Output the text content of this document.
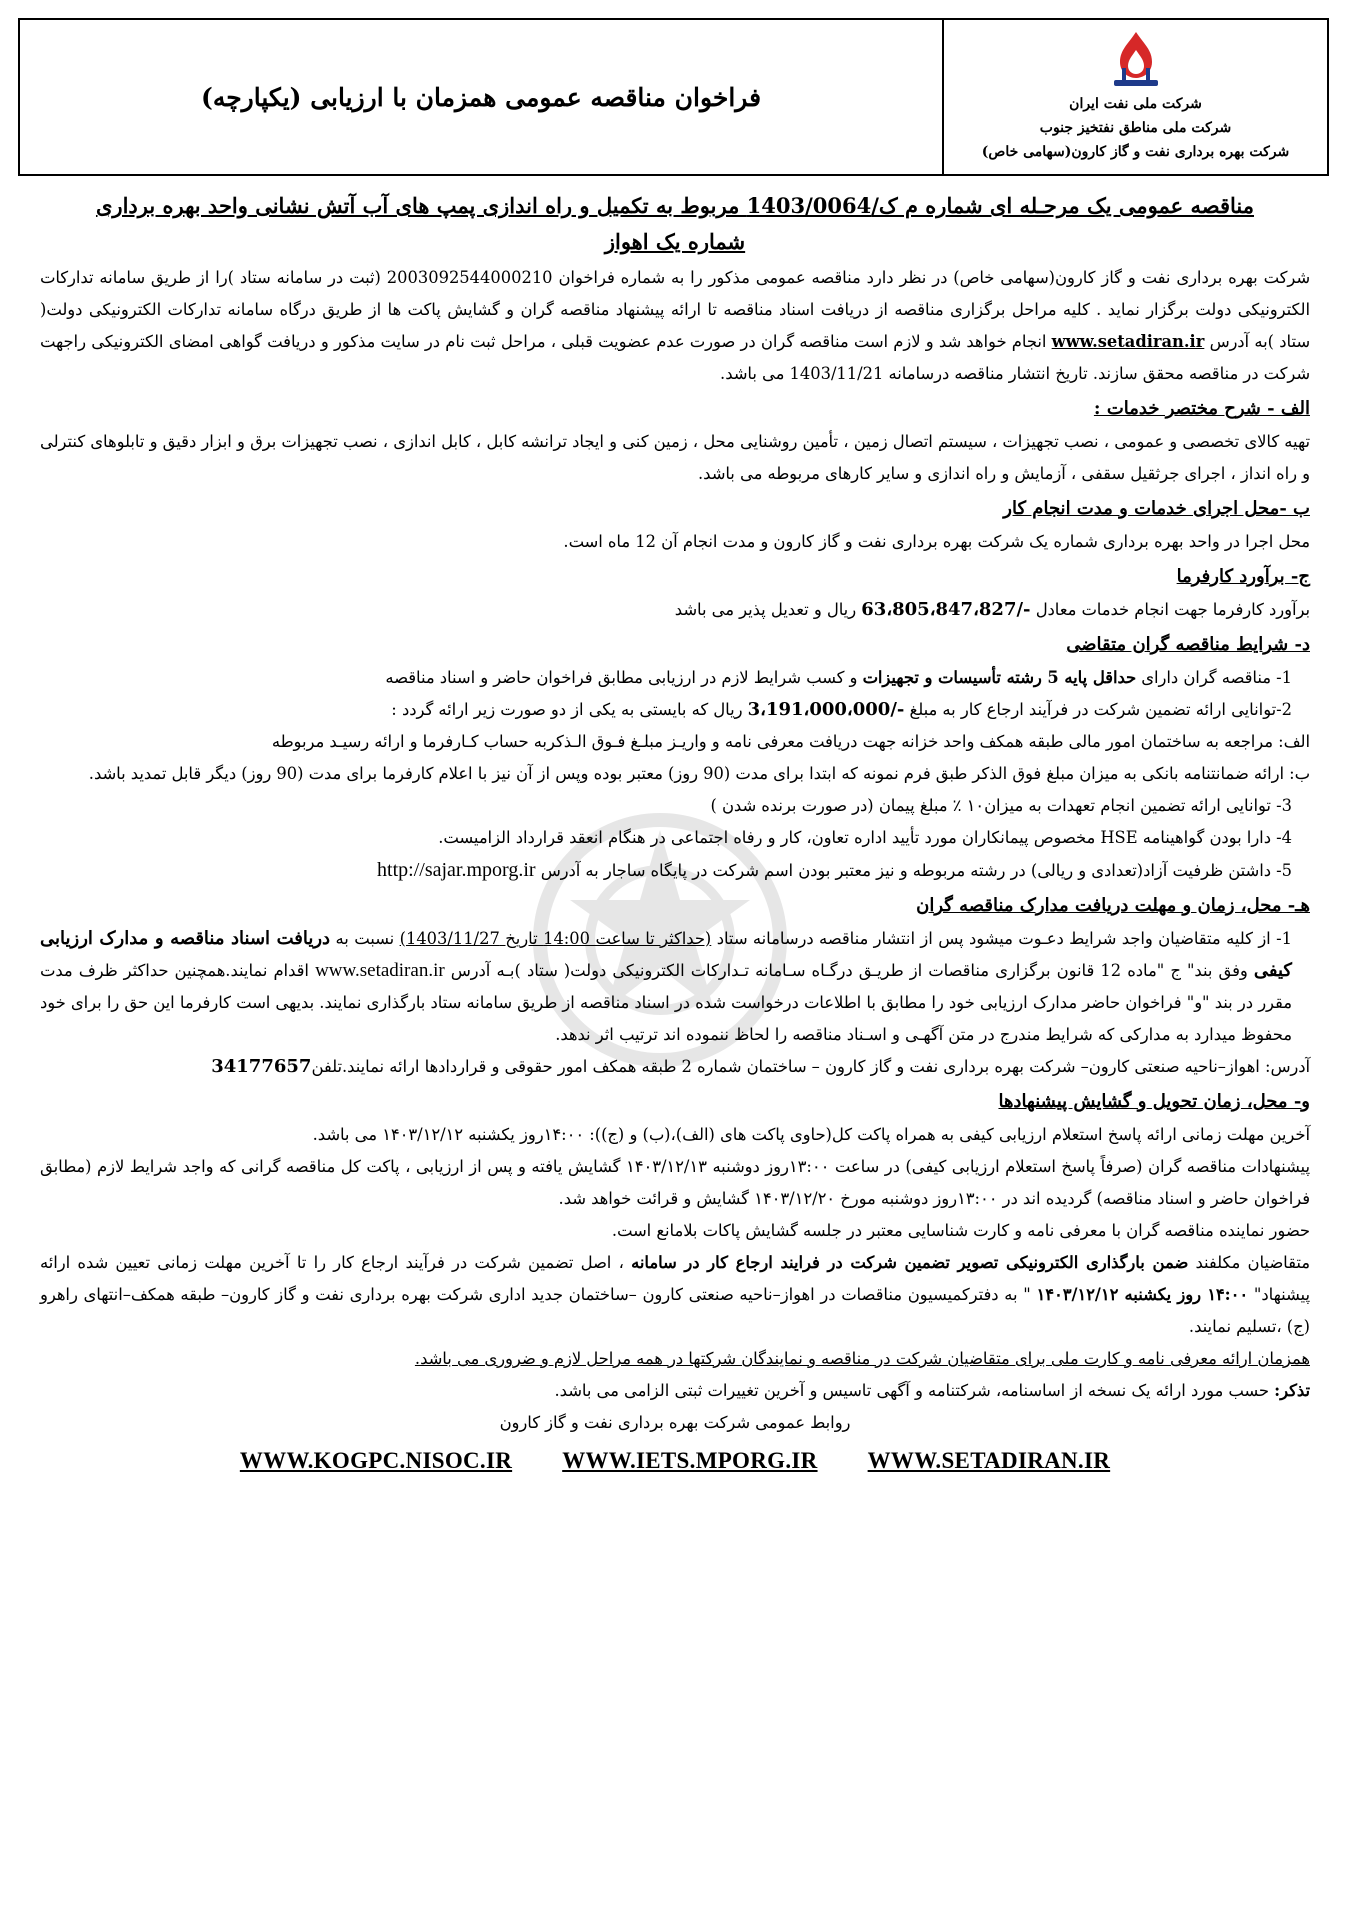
شرکت ملی نفت ایران
شرکت ملی مناطق نفتخیز جنوب
شرکت بهره برداری نفت و گاز کارون(سهامی خاص)
فراخوان مناقصه عمومی همزمان با ارزیابی (یکپارچه)
مناقصه عمومی یک مرحـله ای شماره م ک/1403/0064 مربوط به تکمیل و راه اندازی پمپ های آب آتش نشانی واحد بهره برداری
شماره یک اهواز

شرکت بهره برداری نفت و گاز کارون(سهامی خاص) در نظر دارد مناقصه عمومی مذکور را به شماره فراخوان 2003092544000210 (ثبت در سامانه ستاد )را از طریق سامانه تدارکات الکترونیکی دولت برگزار نماید . کلیه مراحل برگزاری مناقصه از دریافت اسناد مناقصه تا ارائه پیشنهاد مناقصه گران و گشایش پاکت ها از طریق درگاه سامانه تدارکات الکترونیکی دولت( ستاد )به آدرس www.setadiran.ir انجام خواهد شد و لازم است مناقصه گران در صورت عدم عضویت قبلی ، مراحل ثبت نام در سایت مذکور و دریافت گواهی امضای الکترونیکی راجهت شرکت در مناقصه محقق سازند. تاریخ انتشار مناقصه درسامانه 1403/11/21 می باشد.

الف - شرح مختصر خدمات :

تهیه کالای تخصصی و عمومی ، نصب تجهیزات ، سیستم اتصال زمین ، تأمین روشنایی محل ، زمین کنی و ایجاد ترانشه کابل ، کابل اندازی ، نصب تجهیزات برق و ابزار دقیق و تابلوهای کنترلی و راه انداز ، اجرای جرثقیل سقفی ، آزمایش و راه اندازی و سایر کارهای مربوطه می باشد.

ب -محل اجرای خدمات و مدت انجام کار

محل اجرا در واحد بهره برداری شماره یک شرکت بهره برداری نفت و گاز کارون و مدت انجام آن 12 ماه است.

ج- برآورد کارفرما

برآورد کارفرما جهت انجام خدمات معادل -/63،805،847،827 ریال و تعدیل پذیر می باشد

د- شرایط مناقصه گران متقاضی

1- مناقصه گران دارای حداقل پایه 5 رشته تأسیسات و تجهیزات و کسب شرایط لازم در ارزیابی مطابق فراخوان حاضر و اسناد مناقصه

2-توانایی ارائه تضمین شرکت در فرآیند ارجاع کار به مبلغ -/3،191،000،000 ریال که بایستی به یکی از دو صورت زیر ارائه گردد :

الف: مراجعه به ساختمان امور مالی طبقه همکف واحد خزانه جهت دریافت معرفی نامه و واریـز مبلـغ فـوق الـذکربه حساب کـارفرما و ارائه رسیـد مربوطه

ب: ارائه ضمانتنامه بانکی به میزان مبلغ فوق الذکر طبق فرم نمونه که ابتدا برای مدت (90 روز) معتبر بوده وپس از آن نیز با اعلام کارفرما برای مدت (90 روز) دیگر قابل تمدید باشد.

3- توانایی ارائه تضمین انجام تعهدات به میزان۱۰ ٪ مبلغ پیمان (در صورت برنده شدن )

4- دارا بودن گواهینامه HSE مخصوص پیمانکاران مورد تأیید اداره تعاون، کار و رفاه اجتماعی در هنگام انعقد قرارداد الزامیست.

5- داشتن ظرفیت آزاد(تعدادی و ریالی) در رشته مربوطه و نیز معتبر بودن اسم شرکت در پایگاه ساجار به آدرس http://sajar.mporg.ir

هـ- محل، زمان و مهلت دریافت مدارک مناقصه گران

1- از کلیه متقاضیان واجد شرایط دعـوت میشود پس از انتشار مناقصه درسامانه ستاد (حداکثر تا ساعت 14:00 تاریخ 1403/11/27) نسبت به دریافت اسناد مناقصه و مدارک ارزیابی کیفی وفق بند" ج "ماده 12 قانون برگزاری مناقصات از طریـق درگـاه سـامانه تـدارکات الکترونیکی دولت( ستاد )بـه آدرس www.setadiran.ir اقدام نمایند.همچنین حداکثر ظرف مدت مقرر در بند "و" فراخوان حاضر مدارک ارزیابی خود را مطابق با اطلاعات درخواست شده در اسناد مناقصه از طریق سامانه ستاد بارگذاری نمایند. بدیهی است کارفرما این حق را برای خود محفوظ میدارد به مدارکی که شرایط مندرج در متن آگهـی و اسـناد مناقصه را لحاظ ننموده اند ترتیب اثر ندهد.

آدرس: اهواز–ناحیه صنعتی کارون– شرکت بهره برداری نفت و گاز کارون – ساختمان شماره 2 طبقه همکف امور حقوقی و قراردادها ارائه نمایند.تلفن34177657

و- محل، زمان تحویل و گشایش پیشنهادها

آخرین مهلت زمانی ارائه پاسخ استعلام ارزیابی کیفی به همراه پاکت کل(حاوی پاکت های (الف)،(ب) و (ج)): ۱۴:۰۰روز یکشنبه ۱۴۰۳/۱۲/۱۲ می باشد.

پیشنهادات مناقصه گران (صرفاً پاسخ استعلام ارزیابی کیفی) در ساعت ۱۳:۰۰روز دوشنبه ۱۴۰۳/۱۲/۱۳ گشایش یافته و پس از ارزیابی ، پاکت کل مناقصه گرانی که واجد شرایط لازم (مطابق فراخوان حاضر و اسناد مناقصه) گردیده اند در ۱۳:۰۰روز دوشنبه مورخ ۱۴۰۳/۱۲/۲۰ گشایش و قرائت خواهد شد.

حضور نماینده مناقصه گران با معرفی نامه و کارت شناسایی معتبر در جلسه گشایش پاکات بلامانع است.

متقاضیان مکلفند ضمن بارگذاری الکترونیکی تصویر تضمین شرکت در فرایند ارجاع کار در سامانه ، اصل تضمین شرکت در فرآیند ارجاع کار را تا آخرین مهلت زمانی تعیین شده ارائه پیشنهاد" ۱۴:۰۰ روز یکشنبه ۱۴۰۳/۱۲/۱۲ " به دفترکمیسیون مناقصات در اهواز–ناحیه صنعتی کارون –ساختمان جدید اداری شرکت بهره برداری نفت و گاز کارون– طبقه همکف–انتهای راهرو (ج) ،تسلیم نمایند.

همزمان ارائه معرفی نامه و کارت ملی برای متقاضیان شرکت در مناقصه و نمایندگان شرکتها در همه مراحل لازم و ضروری می باشد.

تذکر: حسب مورد ارائه یک نسخه از اساسنامه، شرکتنامه و آگهی تاسیس و آخرین تغییرات ثبتی الزامی می باشد.

روابط عمومی شرکت بهره برداری نفت و گاز کارون

WWW.KOGPC.NISOC.IR WWW.IETS.MPORG.IR WWW.SETADIRAN.IR
